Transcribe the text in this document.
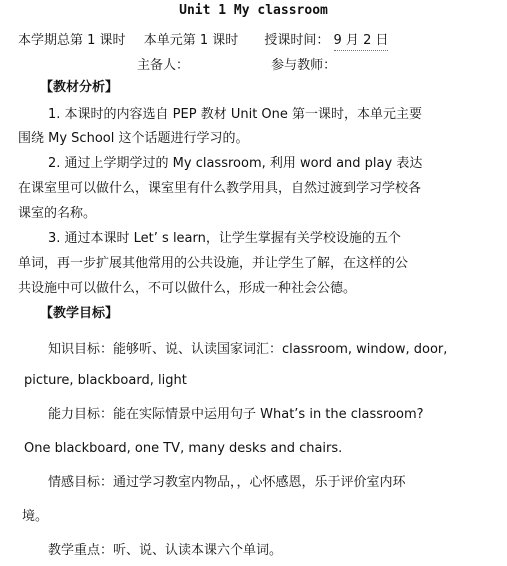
Unit 1 My classroom
本学期总第 1 课时 本单元第 1 课时 授课时间： 9 月 2 日
主备人：	参与教师：
【教材分析】
1. 本课时的内容选自 PEP 教材 Unit One 第一课时，本单元主要
围绕 My School 这个话题进行学习的。
2. 通过上学期学过的 My classroom, 利用 word and play 表达
在课室里可以做什么，课室里有什么教学用具，自然过渡到学习学校各
课室的名称。
3. 通过本课时 Let’ s learn，让学生掌握有关学校设施的五个
单词，再一步扩展其他常用的公共设施，并让学生了解，在这样的公
共设施中可以做什么，不可以做什么，形成一种社会公德。
【教学目标】
知识目标：能够听、说、认读国家词汇：classroom, window, door,
picture, blackboard, light
能力目标：能在实际情景中运用句子 What’s in the classroom?
One blackboard, one TV, many desks and chairs.
情感目标：通过学习教室内物品，，心怀感恩，乐于评价室内环
境。
教学重点：听、说、认读本课六个单词。
